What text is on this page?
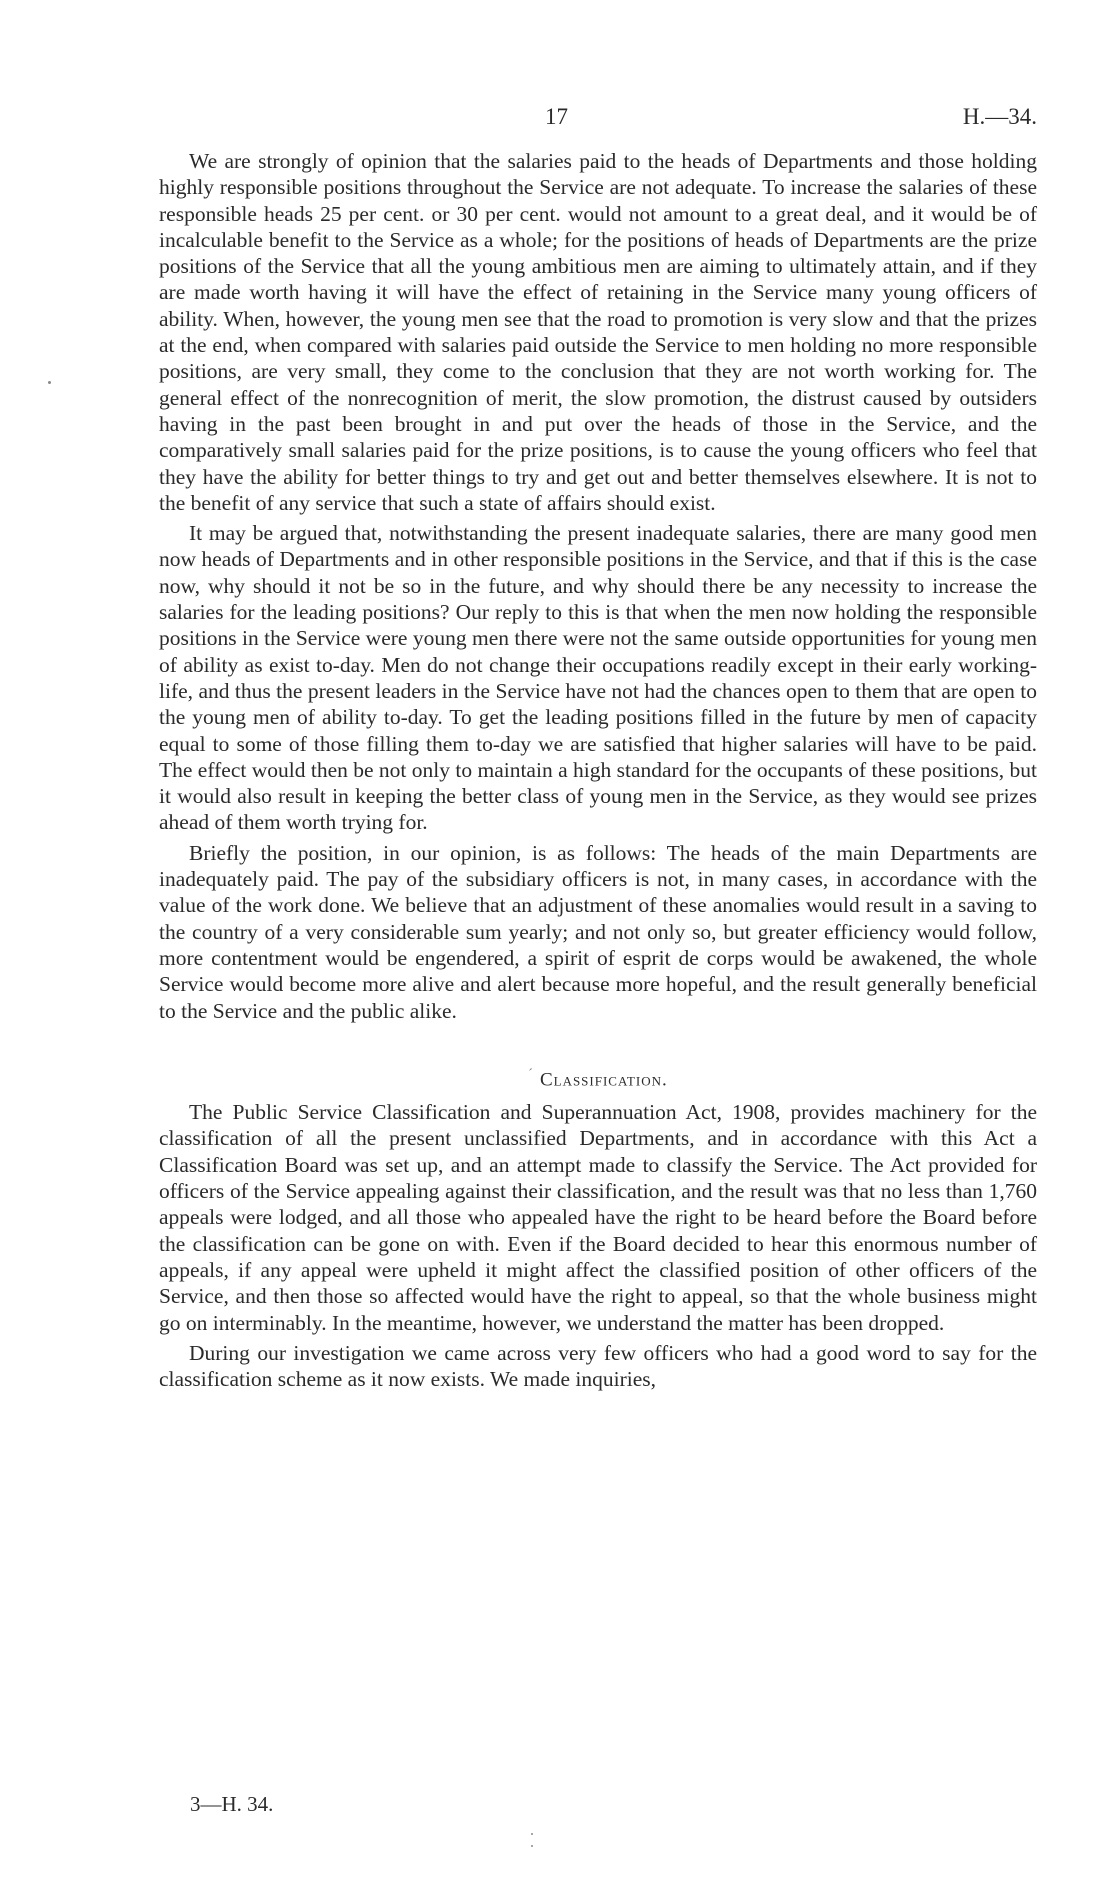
17	H.—34.

We are strongly of opinion that the salaries paid to the heads of Departments and those holding highly responsible positions throughout the Service are not adequate. To increase the salaries of these responsible heads 25 per cent. or 30 per cent. would not amount to a great deal, and it would be of incalculable benefit to the Service as a whole; for the positions of heads of Departments are the prize positions of the Service that all the young ambitious men are aiming to ultimately attain, and if they are made worth having it will have the effect of retaining in the Service many young officers of ability. When, however, the young men see that the road to promotion is very slow and that the prizes at the end, when compared with salaries paid outside the Service to men holding no more responsible positions, are very small, they come to the conclusion that they are not worth working for. The general effect of the nonrecognition of merit, the slow promotion, the distrust caused by outsiders having in the past been brought in and put over the heads of those in the Service, and the comparatively small salaries paid for the prize positions, is to cause the young officers who feel that they have the ability for better things to try and get out and better themselves elsewhere. It is not to the benefit of any service that such a state of affairs should exist.

It may be argued that, notwithstanding the present inadequate salaries, there are many good men now heads of Departments and in other responsible positions in the Service, and that if this is the case now, why should it not be so in the future, and why should there be any necessity to increase the salaries for the leading positions? Our reply to this is that when the men now holding the responsible positions in the Service were young men there were not the same outside opportunities for young men of ability as exist to-day. Men do not change their occupations readily except in their early working-life, and thus the present leaders in the Service have not had the chances open to them that are open to the young men of ability to-day. To get the leading positions filled in the future by men of capacity equal to some of those filling them to-day we are satisfied that higher salaries will have to be paid. The effect would then be not only to maintain a high standard for the occupants of these positions, but it would also result in keeping the better class of young men in the Service, as they would see prizes ahead of them worth trying for.

Briefly the position, in our opinion, is as follows: The heads of the main Departments are inadequately paid. The pay of the subsidiary officers is not, in many cases, in accordance with the value of the work done. We believe that an adjustment of these anomalies would result in a saving to the country of a very considerable sum yearly; and not only so, but greater efficiency would follow, more contentment would be engendered, a spirit of esprit de corps would be awakened, the whole Service would become more alive and alert because more hopeful, and the result generally beneficial to the Service and the public alike.

ˊ Classification.

The Public Service Classification and Superannuation Act, 1908, provides machinery for the classification of all the present unclassified Departments, and in accordance with this Act a Classification Board was set up, and an attempt made to classify the Service. The Act provided for officers of the Service appealing against their classification, and the result was that no less than 1,760 appeals were lodged, and all those who appealed have the right to be heard before the Board before the classification can be gone on with. Even if the Board decided to hear this enormous number of appeals, if any appeal were upheld it might affect the classified position of other officers of the Service, and then those so affected would have the right to appeal, so that the whole business might go on interminably. In the meantime, however, we understand the matter has been dropped.

During our investigation we came across very few officers who had a good word to say for the classification scheme as it now exists. We made inquiries,

3—H. 34.
